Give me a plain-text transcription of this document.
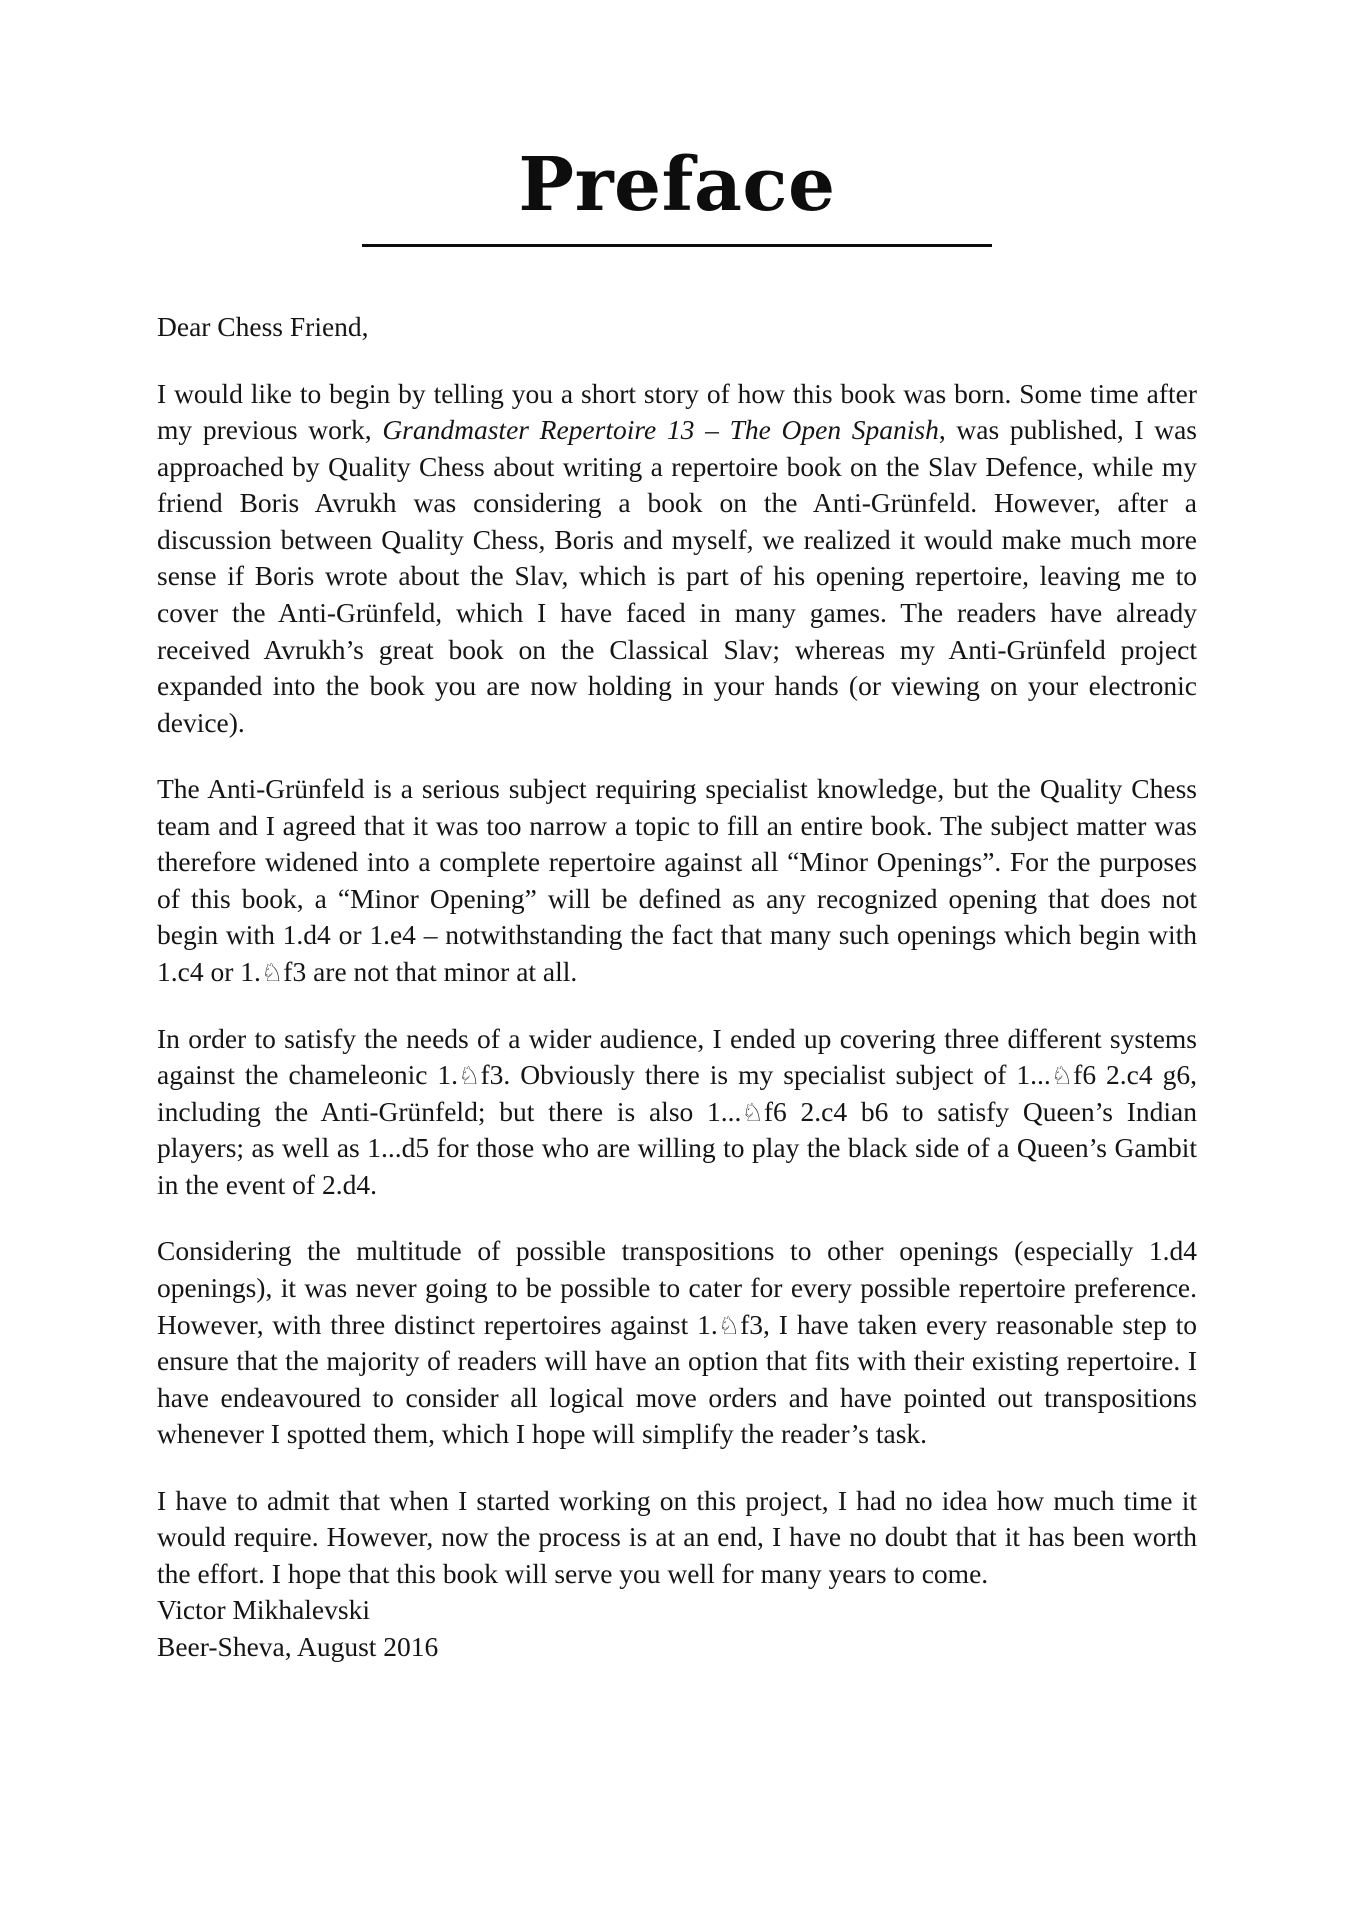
Preface

Dear Chess Friend,

I would like to begin by telling you a short story of how this book was born. Some time after my previous work, Grandmaster Repertoire 13 – The Open Spanish, was published, I was approached by Quality Chess about writing a repertoire book on the Slav Defence, while my friend Boris Avrukh was considering a book on the Anti-Grünfeld. However, after a discussion between Quality Chess, Boris and myself, we realized it would make much more sense if Boris wrote about the Slav, which is part of his opening repertoire, leaving me to cover the Anti-Grünfeld, which I have faced in many games. The readers have already received Avrukh’s great book on the Classical Slav; whereas my Anti-Grünfeld project expanded into the book you are now holding in your hands (or viewing on your electronic device).

The Anti-Grünfeld is a serious subject requiring specialist knowledge, but the Quality Chess team and I agreed that it was too narrow a topic to fill an entire book. The subject matter was therefore widened into a complete repertoire against all “Minor Openings”. For the purposes of this book, a “Minor Opening” will be defined as any recognized opening that does not begin with 1.d4 or 1.e4 – notwithstanding the fact that many such openings which begin with 1.c4 or 1.♘f3 are not that minor at all.

In order to satisfy the needs of a wider audience, I ended up covering three different systems against the chameleonic 1.♘f3. Obviously there is my specialist subject of 1...♘f6 2.c4 g6, including the Anti-Grünfeld; but there is also 1...♘f6 2.c4 b6 to satisfy Queen’s Indian players; as well as 1...d5 for those who are willing to play the black side of a Queen’s Gambit in the event of 2.d4.

Considering the multitude of possible transpositions to other openings (especially 1.d4 openings), it was never going to be possible to cater for every possible repertoire preference. However, with three distinct repertoires against 1.♘f3, I have taken every reasonable step to ensure that the majority of readers will have an option that fits with their existing repertoire. I have endeavoured to consider all logical move orders and have pointed out transpositions whenever I spotted them, which I hope will simplify the reader’s task.

I have to admit that when I started working on this project, I had no idea how much time it would require. However, now the process is at an end, I have no doubt that it has been worth the effort. I hope that this book will serve you well for many years to come.

Victor Mikhalevski
Beer-Sheva, August 2016
